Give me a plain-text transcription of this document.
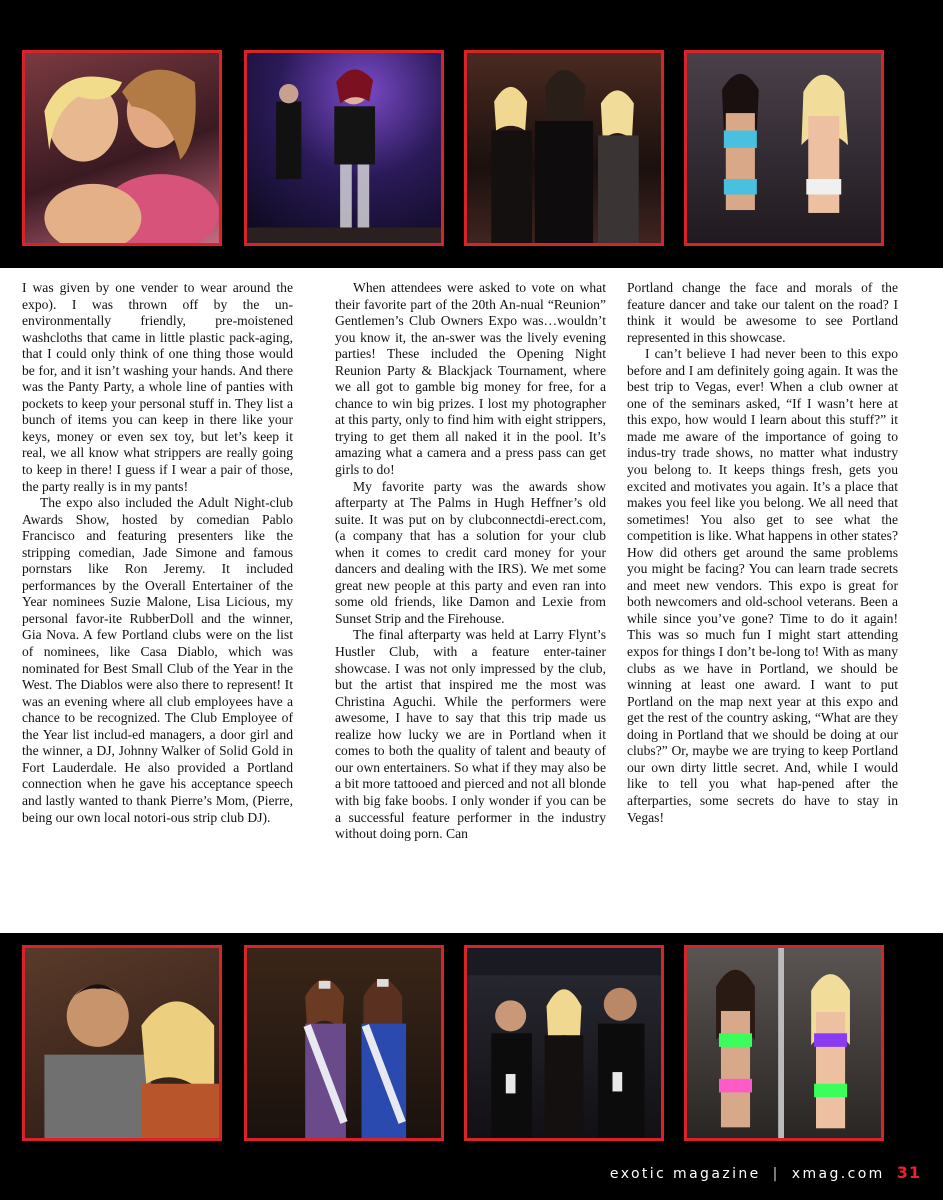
I was given by one vender to wear around the expo). I was thrown off by the un-environmentally friendly, pre-moistened washcloths that came in little plastic pack-aging, that I could only think of one thing those would be for, and it isn’t washing your hands. And there was the Panty Party, a whole line of panties with pockets to keep your personal stuff in. They list a bunch of items you can keep in there like your keys, money or even sex toy, but let’s keep it real, we all know what strippers are really going to keep in there! I guess if I wear a pair of those, the party really is in my pants!

The expo also included the Adult Night-club Awards Show, hosted by comedian Pablo Francisco and featuring presenters like the stripping comedian, Jade Simone and famous pornstars like Ron Jeremy. It included performances by the Overall Entertainer of the Year nominees Suzie Malone, Lisa Licious, my personal favor-ite RubberDoll and the winner, Gia Nova. A few Portland clubs were on the list of nominees, like Casa Diablo, which was nominated for Best Small Club of the Year in the West. The Diablos were also there to represent! It was an evening where all club employees have a chance to be recognized. The Club Employee of the Year list includ-ed managers, a door girl and the winner, a DJ, Johnny Walker of Solid Gold in Fort Lauderdale. He also provided a Portland connection when he gave his acceptance speech and lastly wanted to thank Pierre’s Mom, (Pierre, being our own local notori-ous strip club DJ).

When attendees were asked to vote on what their favorite part of the 20th An-nual “Reunion” Gentlemen’s Club Owners Expo was…wouldn’t you know it, the an-swer was the lively evening parties! These included the Opening Night Reunion Party & Blackjack Tournament, where we all got to gamble big money for free, for a chance to win big prizes. I lost my photographer at this party, only to find him with eight strippers, trying to get them all naked it in the pool. It’s amazing what a camera and a press pass can get girls to do!

My favorite party was the awards show afterparty at The Palms in Hugh Heffner’s old suite. It was put on by clubconnectdi-erect.com, (a company that has a solution for your club when it comes to credit card money for your dancers and dealing with the IRS). We met some great new people at this party and even ran into some old friends, like Damon and Lexie from Sunset Strip and the Firehouse.

The final afterparty was held at Larry Flynt’s Hustler Club, with a feature enter-tainer showcase. I was not only impressed by the club, but the artist that inspired me the most was Christina Aguchi. While the performers were awesome, I have to say that this trip made us realize how lucky we are in Portland when it comes to both the quality of talent and beauty of our own entertainers. So what if they may also be a bit more tattooed and pierced and not all blonde with big fake boobs. I only wonder if you can be a successful feature performer in the industry without doing porn. Can

Portland change the face and morals of the feature dancer and take our talent on the road? I think it would be awesome to see Portland represented in this showcase.

I can’t believe I had never been to this expo before and I am definitely going again. It was the best trip to Vegas, ever! When a club owner at one of the seminars asked, “If I wasn’t here at this expo, how would I learn about this stuff?” it made me aware of the importance of going to indus-try trade shows, no matter what industry you belong to. It keeps things fresh, gets you excited and motivates you again. It’s a place that makes you feel like you belong. We all need that sometimes! You also get to see what the competition is like. What happens in other states? How did others get around the same problems you might be facing? You can learn trade secrets and meet new vendors. This expo is great for both newcomers and old-school veterans. Been a while since you’ve gone? Time to do it again! This was so much fun I might start attending expos for things I don’t be-long to! With as many clubs as we have in Portland, we should be winning at least one award. I want to put Portland on the map next year at this expo and get the rest of the country asking, “What are they doing in Portland that we should be doing at our clubs?” Or, maybe we are trying to keep Portland our own dirty little secret. And, while I would like to tell you what hap-pened after the afterparties, some secrets do have to stay in Vegas!

exotic magazine | xmag.com 31
